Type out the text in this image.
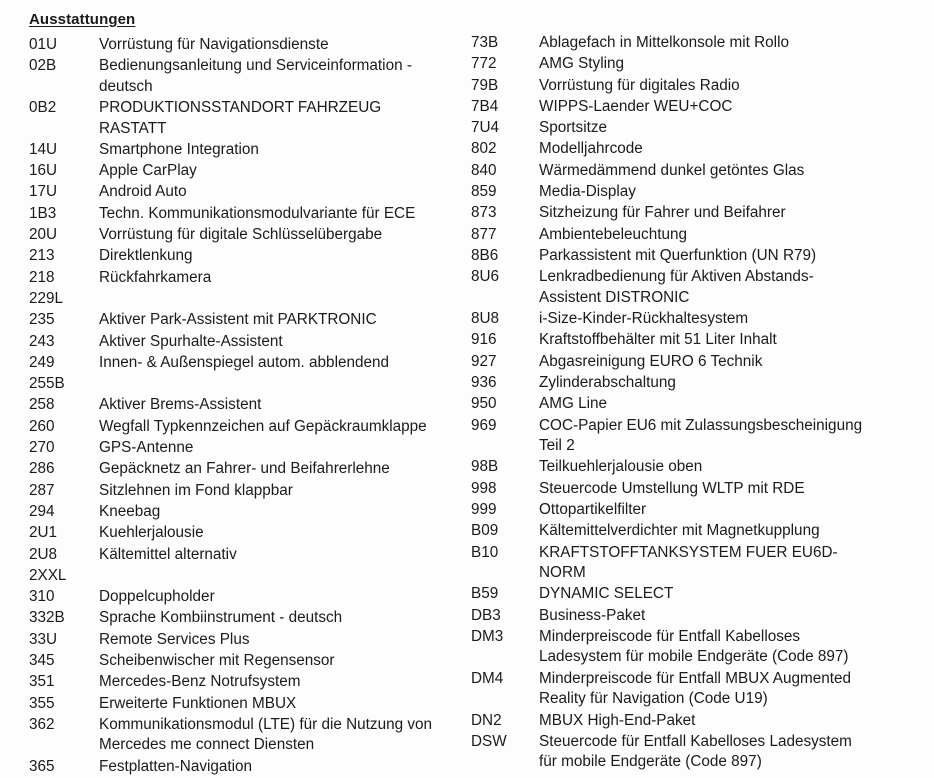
Ausstattungen
01U	Vorrüstung für Navigationsdienste
02B	Bedienungsanleitung und Serviceinformation - deutsch
0B2	PRODUKTIONSSTANDORT FAHRZEUG RASTATT
14U	Smartphone Integration
16U	Apple CarPlay
17U	Android Auto
1B3	Techn. Kommunikationsmodulvariante für ECE
20U	Vorrüstung für digitale Schlüsselübergabe
213	Direktlenkung
218	Rückfahrkamera
229L
235	Aktiver Park-Assistent mit PARKTRONIC
243	Aktiver Spurhalte-Assistent
249	Innen- & Außenspiegel autom. abblendend
255B
258	Aktiver Brems-Assistent
260	Wegfall Typkennzeichen auf Gepäckraumklappe
270	GPS-Antenne
286	Gepäcknetz an Fahrer- und Beifahrerlehne
287	Sitzlehnen im Fond klappbar
294	Kneebag
2U1	Kuehlerjalousie
2U8	Kältemittel alternativ
2XXL
310	Doppelcupholder
332B	Sprache Kombiinstrument - deutsch
33U	Remote Services Plus
345	Scheibenwischer mit Regensensor
351	Mercedes-Benz Notrufsystem
355	Erweiterte Funktionen MBUX
362	Kommunikationsmodul (LTE) für die Nutzung von Mercedes me connect Diensten
365	Festplatten-Navigation
73B	Ablagefach in Mittelkonsole mit Rollo
772	AMG Styling
79B	Vorrüstung für digitales Radio
7B4	WIPPS-Laender WEU+COC
7U4	Sportsitze
802	Modelljahrcode
840	Wärmedämmend dunkel getöntes Glas
859	Media-Display
873	Sitzheizung für Fahrer und Beifahrer
877	Ambientebeleuchtung
8B6	Parkassistent mit Querfunktion (UN R79)
8U6	Lenkradbedienung für Aktiven Abstands-Assistent DISTRONIC
8U8	i-Size-Kinder-Rückhaltesystem
916	Kraftstoffbehälter mit 51 Liter Inhalt
927	Abgasreinigung EURO 6 Technik
936	Zylinderabschaltung
950	AMG Line
969	COC-Papier EU6 mit Zulassungsbescheinigung Teil 2
98B	Teilkuehlerjalousie oben
998	Steuercode Umstellung WLTP mit RDE
999	Ottopartikelfilter
B09	Kältemittelverdichter mit Magnetkupplung
B10	KRAFTSTOFFTANKSYSTEM FUER EU6D-NORM
B59	DYNAMIC SELECT
DB3	Business-Paket
DM3	Minderpreiscode für Entfall Kabelloses Ladesystem für mobile Endgeräte (Code 897)
DM4	Minderpreiscode für Entfall MBUX Augmented Reality für Navigation (Code U19)
DN2	MBUX High-End-Paket
DSW	Steuercode für Entfall Kabelloses Ladesystem für mobile Endgeräte (Code 897)
